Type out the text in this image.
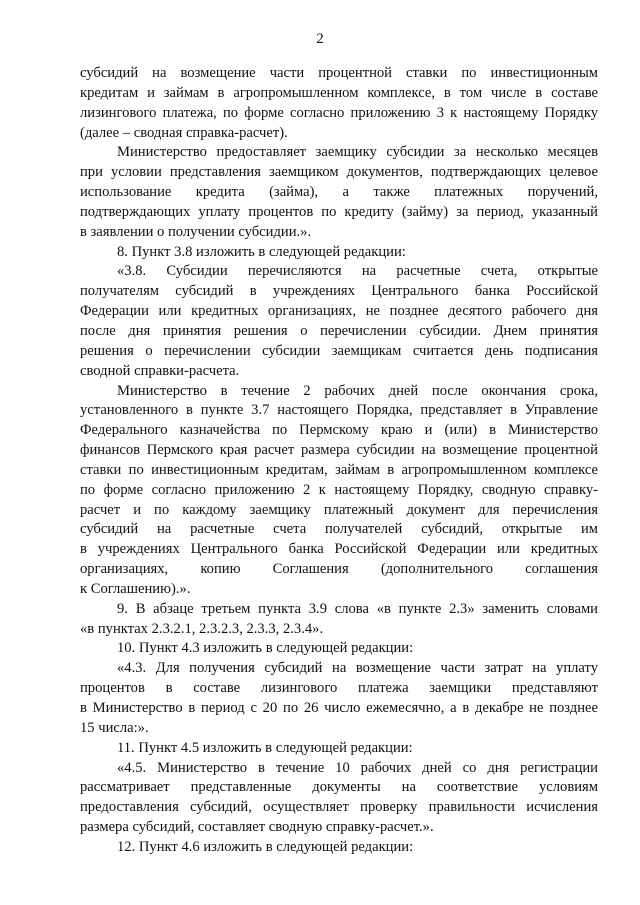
2
субсидий на возмещение части процентной ставки по инвестиционным
кредитам и займам в агропромышленном комплексе, в том числе в составе
лизингового платежа, по форме согласно приложению 3 к настоящему Порядку
(далее – сводная справка-расчет).
Министерство предоставляет заемщику субсидии за несколько месяцев
при условии представления заемщиком документов, подтверждающих целевое
использование кредита (займа), а также платежных поручений,
подтверждающих уплату процентов по кредиту (займу) за период, указанный
в заявлении о получении субсидии.».
8. Пункт 3.8 изложить в следующей редакции:
«3.8. Субсидии перечисляются на расчетные счета, открытые
получателям субсидий в учреждениях Центрального банка Российской
Федерации или кредитных организациях, не позднее десятого рабочего дня
после дня принятия решения о перечислении субсидии. Днем принятия
решения о перечислении субсидии заемщикам считается день подписания
сводной справки-расчета.
Министерство в течение 2 рабочих дней после окончания срока,
установленного в пункте 3.7 настоящего Порядка, представляет в Управление
Федерального казначейства по Пермскому краю и (или) в Министерство
финансов Пермского края расчет размера субсидии на возмещение процентной
ставки по инвестиционным кредитам, займам в агропромышленном комплексе
по форме согласно приложению 2 к настоящему Порядку, сводную справку-
расчет и по каждому заемщику платежный документ для перечисления
субсидий на расчетные счета получателей субсидий, открытые им
в учреждениях Центрального банка Российской Федерации или кредитных
организациях, копию Соглашения (дополнительного соглашения
к Соглашению).».
9. В абзаце третьем пункта 3.9 слова «в пункте 2.3» заменить словами
«в пунктах 2.3.2.1, 2.3.2.3, 2.3.3, 2.3.4».
10. Пункт 4.3 изложить в следующей редакции:
«4.3. Для получения субсидий на возмещение части затрат на уплату
процентов в составе лизингового платежа заемщики представляют
в Министерство в период с 20 по 26 число ежемесячно, а в декабре не позднее
15 числа:».
11. Пункт 4.5 изложить в следующей редакции:
«4.5. Министерство в течение 10 рабочих дней со дня регистрации
рассматривает представленные документы на соответствие условиям
предоставления субсидий, осуществляет проверку правильности исчисления
размера субсидий, составляет сводную справку-расчет.».
12. Пункт 4.6 изложить в следующей редакции:
